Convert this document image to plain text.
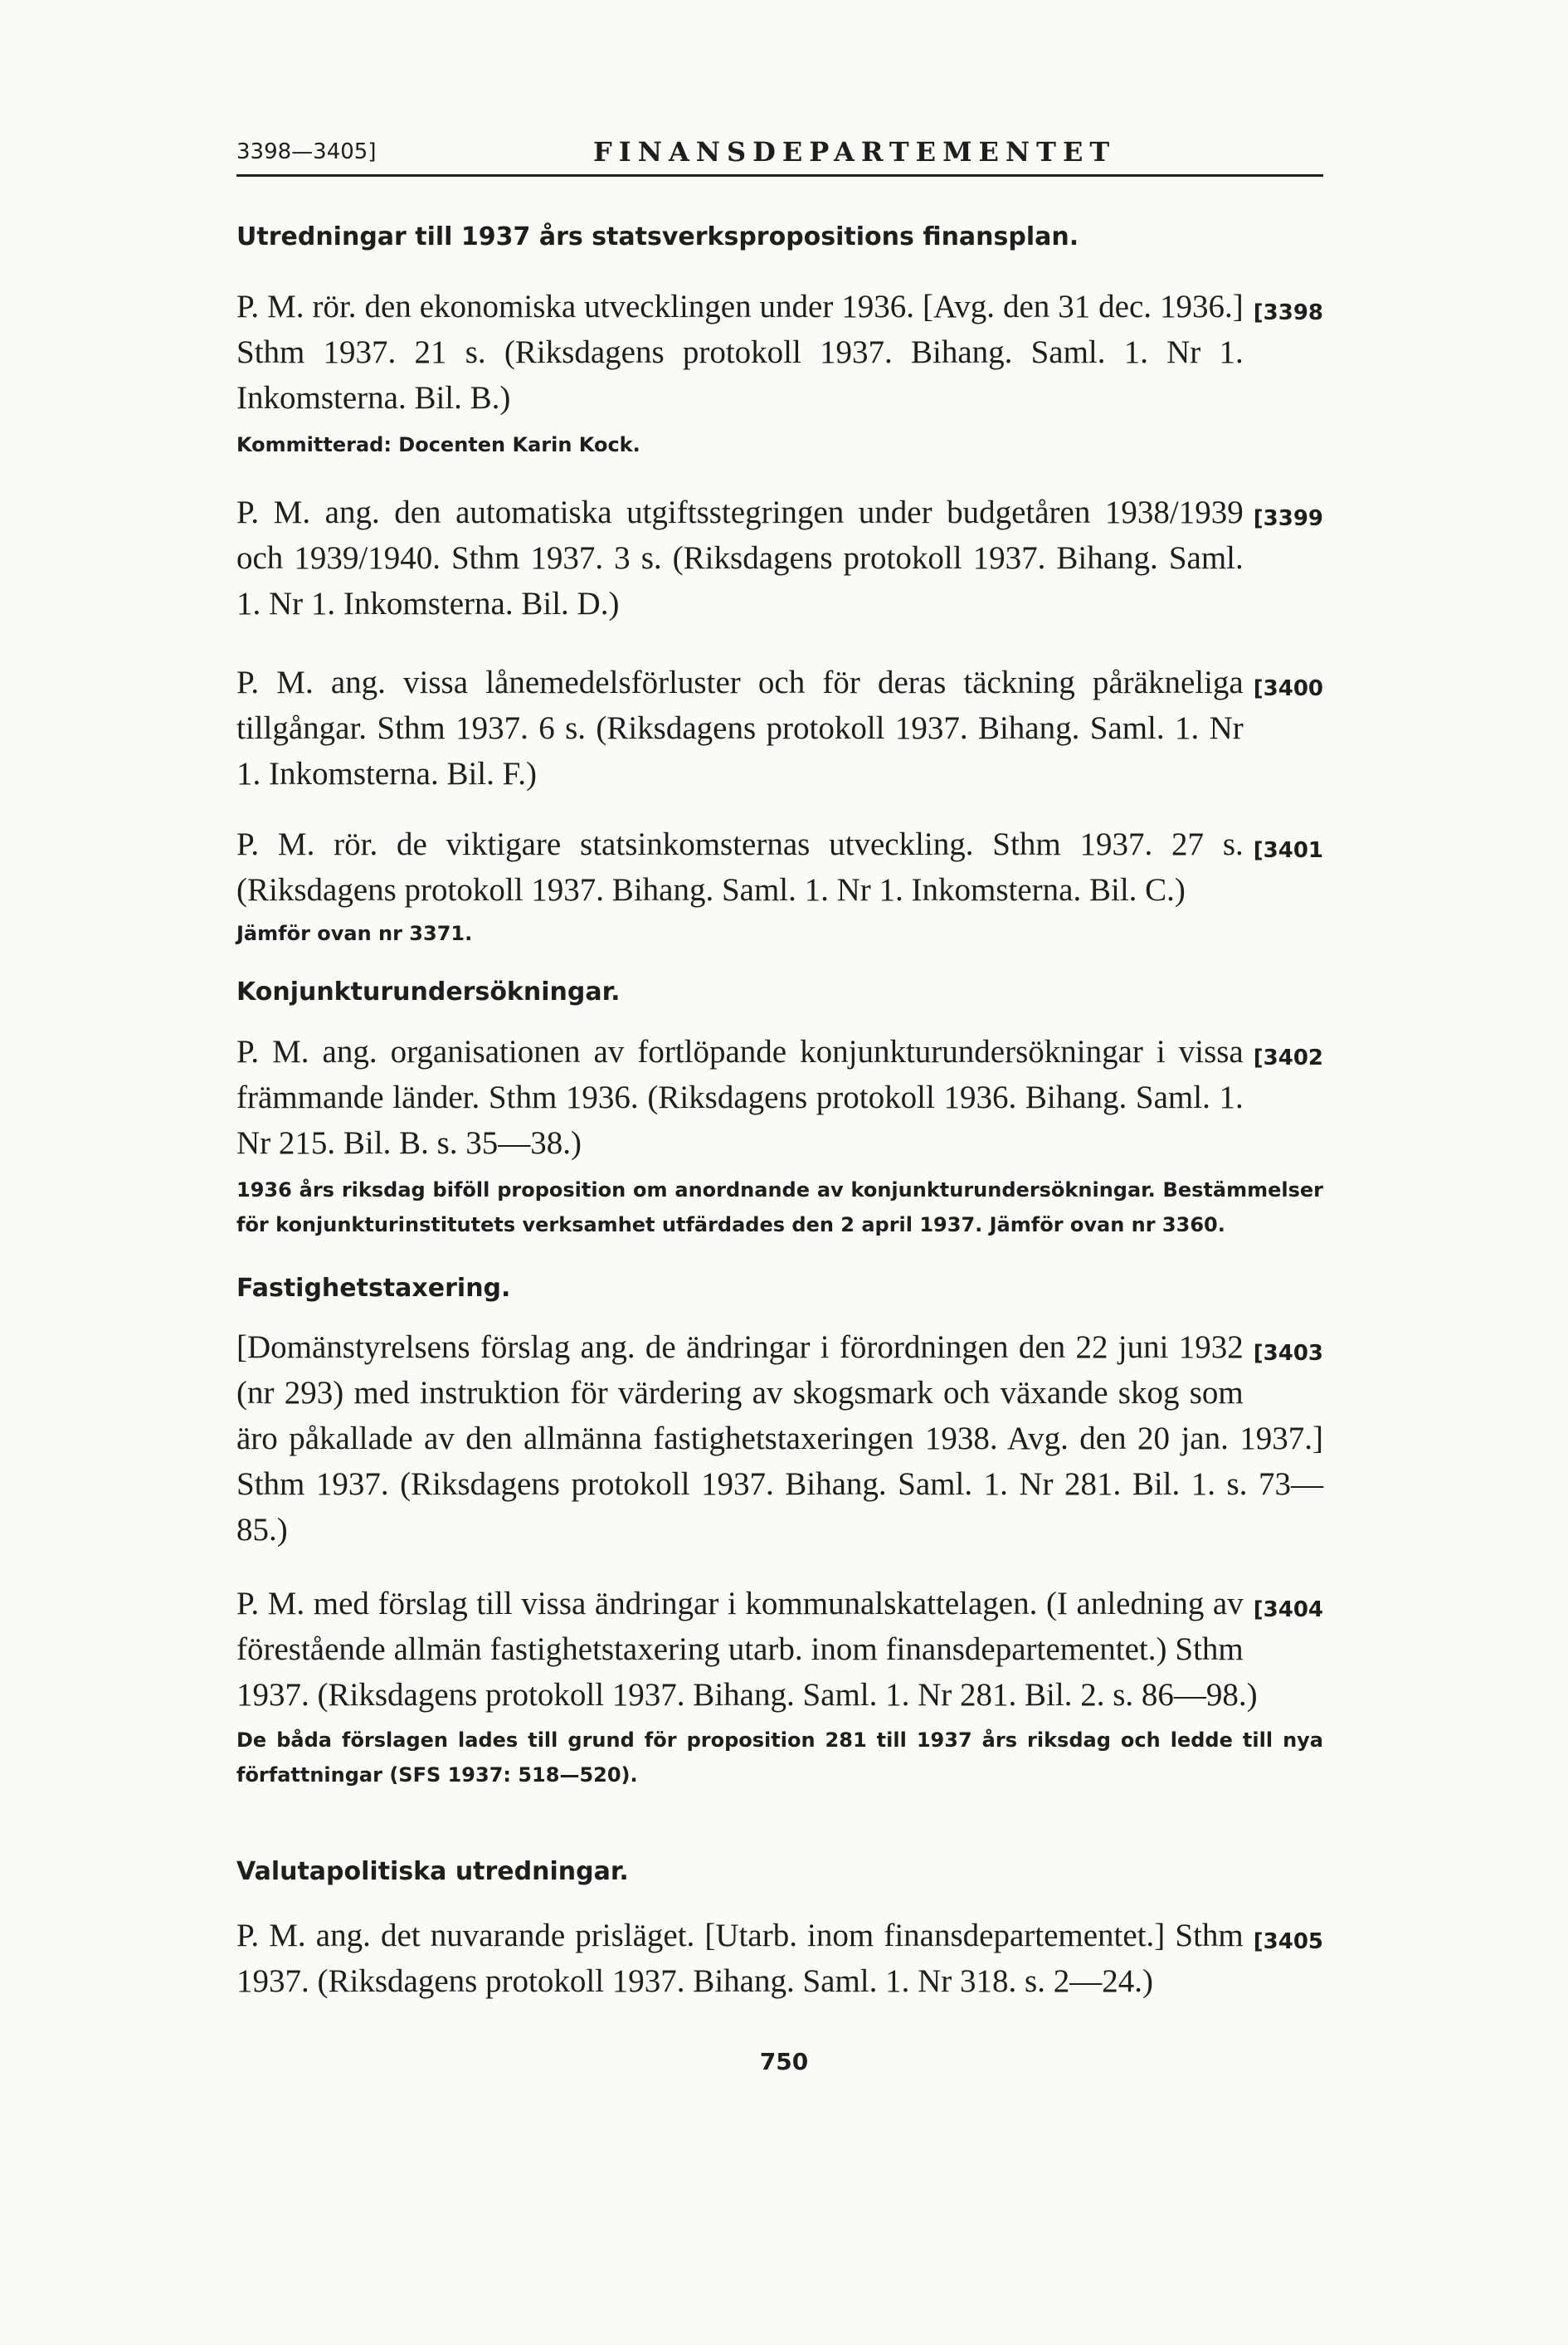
3398—3405]	FINANSDEPARTEMENTET
Utredningar till 1937 års statsverkspropositions finansplan.

[3398
P. M. rör. den ekonomiska utvecklingen under 1936. [Avg. den 31 dec. 1936.] Sthm 1937. 21 s. (Riksdagens protokoll 1937. Bihang. Saml. 1. Nr 1. Inkomsterna. Bil. B.)

Kommitterad: Docenten Karin Kock.

[3399
P. M. ang. den automatiska utgiftsstegringen under budgetåren 1938/1939 och 1939/1940. Sthm 1937. 3 s. (Riksdagens protokoll 1937. Bihang. Saml. 1. Nr 1. Inkomsterna. Bil. D.)

[3400
P. M. ang. vissa lånemedelsförluster och för deras täckning påräkneliga tillgångar. Sthm 1937. 6 s. (Riksdagens protokoll 1937. Bihang. Saml. 1. Nr 1. Inkomsterna. Bil. F.)

[3401
P. M. rör. de viktigare statsinkomsternas utveckling. Sthm 1937. 27 s. (Riksdagens protokoll 1937. Bihang. Saml. 1. Nr 1. Inkomsterna. Bil. C.)

Jämför ovan nr 3371.

Konjunkturundersökningar.

[3402
P. M. ang. organisationen av fortlöpande konjunkturundersökningar i vissa främmande länder. Sthm 1936. (Riksdagens protokoll 1936. Bihang. Saml. 1. Nr 215. Bil. B. s. 35—38.)

1936 års riksdag biföll proposition om anordnande av konjunkturundersökningar. Bestämmelser för konjunkturinstitutets verksamhet utfärdades den 2 april 1937. Jämför ovan nr 3360.

Fastighetstaxering.

[3403
[Domänstyrelsens förslag ang. de ändringar i förordningen den 22 juni 1932 (nr 293) med instruktion för värdering av skogsmark och växande skog som äro påkallade av den allmänna fastighetstaxeringen 1938. Avg. den 20 jan. 1937.] Sthm 1937. (Riksdagens protokoll 1937. Bihang. Saml. 1. Nr 281. Bil. 1. s. 73—85.)

[3404
P. M. med förslag till vissa ändringar i kommunalskattelagen. (I anledning av förestående allmän fastighetstaxering utarb. inom finansdepartementet.) Sthm 1937. (Riksdagens protokoll 1937. Bihang. Saml. 1. Nr 281. Bil. 2. s. 86—98.)

De båda förslagen lades till grund för proposition 281 till 1937 års riksdag och ledde till nya författningar (SFS 1937: 518—520).

Valutapolitiska utredningar.

[3405
P. M. ang. det nuvarande prisläget. [Utarb. inom finansdepartementet.] Sthm 1937. (Riksdagens protokoll 1937. Bihang. Saml. 1. Nr 318. s. 2—24.)

750
